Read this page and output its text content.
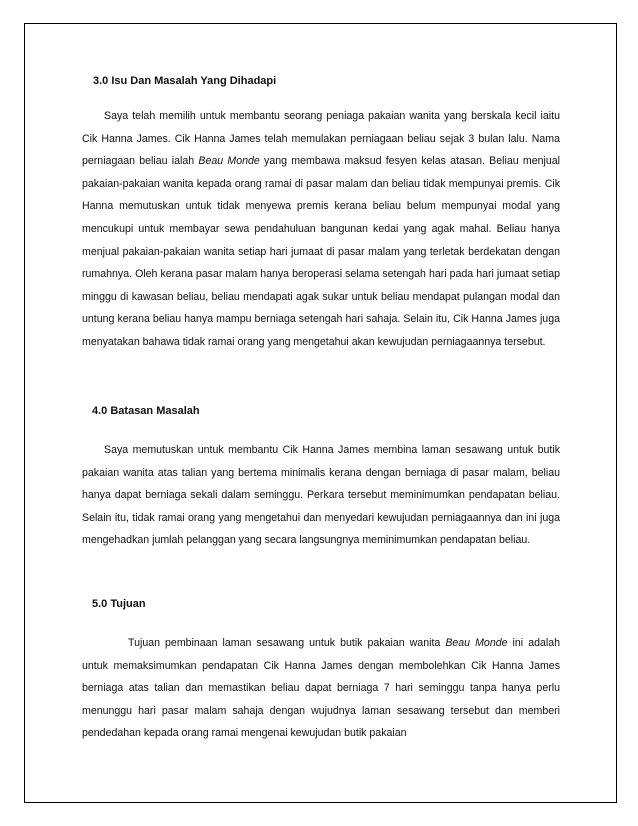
3.0 Isu Dan Masalah Yang Dihadapi
Saya telah memilih untuk membantu seorang peniaga pakaian wanita yang berskala kecil iaitu Cik Hanna James. Cik Hanna James telah memulakan perniagaan beliau sejak 3 bulan lalu. Nama perniagaan beliau ialah Beau Monde yang membawa maksud fesyen kelas atasan. Beliau menjual pakaian-pakaian wanita kepada orang ramai di pasar malam dan beliau tidak mempunyai premis. Cik Hanna memutuskan untuk tidak menyewa premis kerana beliau belum mempunyai modal yang mencukupi untuk membayar sewa pendahuluan bangunan kedai yang agak mahal. Beliau hanya menjual pakaian-pakaian wanita setiap hari jumaat di pasar malam yang terletak berdekatan dengan rumahnya. Oleh kerana pasar malam hanya beroperasi selama setengah hari pada hari jumaat setiap minggu di kawasan beliau, beliau mendapati agak sukar untuk beliau mendapat pulangan modal dan untung kerana beliau hanya mampu berniaga setengah hari sahaja. Selain itu, Cik Hanna James juga menyatakan bahawa tidak ramai orang yang mengetahui akan kewujudan perniagaannya tersebut.
4.0 Batasan Masalah
Saya memutuskan untuk membantu Cik Hanna James membina laman sesawang untuk butik pakaian wanita atas talian yang bertema minimalis kerana dengan berniaga di pasar malam, beliau hanya dapat berniaga sekali dalam seminggu. Perkara tersebut meminimumkan pendapatan beliau. Selain itu, tidak ramai orang yang mengetahui dan menyedari kewujudan perniagaannya dan ini juga mengehadkan jumlah pelanggan yang secara langsungnya meminimumkan pendapatan beliau.
5.0 Tujuan
Tujuan pembinaan laman sesawang untuk butik pakaian wanita Beau Monde ini adalah untuk memaksimumkan pendapatan Cik Hanna James dengan membolehkan Cik Hanna James berniaga atas talian dan memastikan beliau dapat berniaga 7 hari seminggu tanpa hanya perlu menunggu hari pasar malam sahaja dengan wujudnya laman sesawang tersebut dan memberi pendedahan kepada orang ramai mengenai kewujudan butik pakaian
